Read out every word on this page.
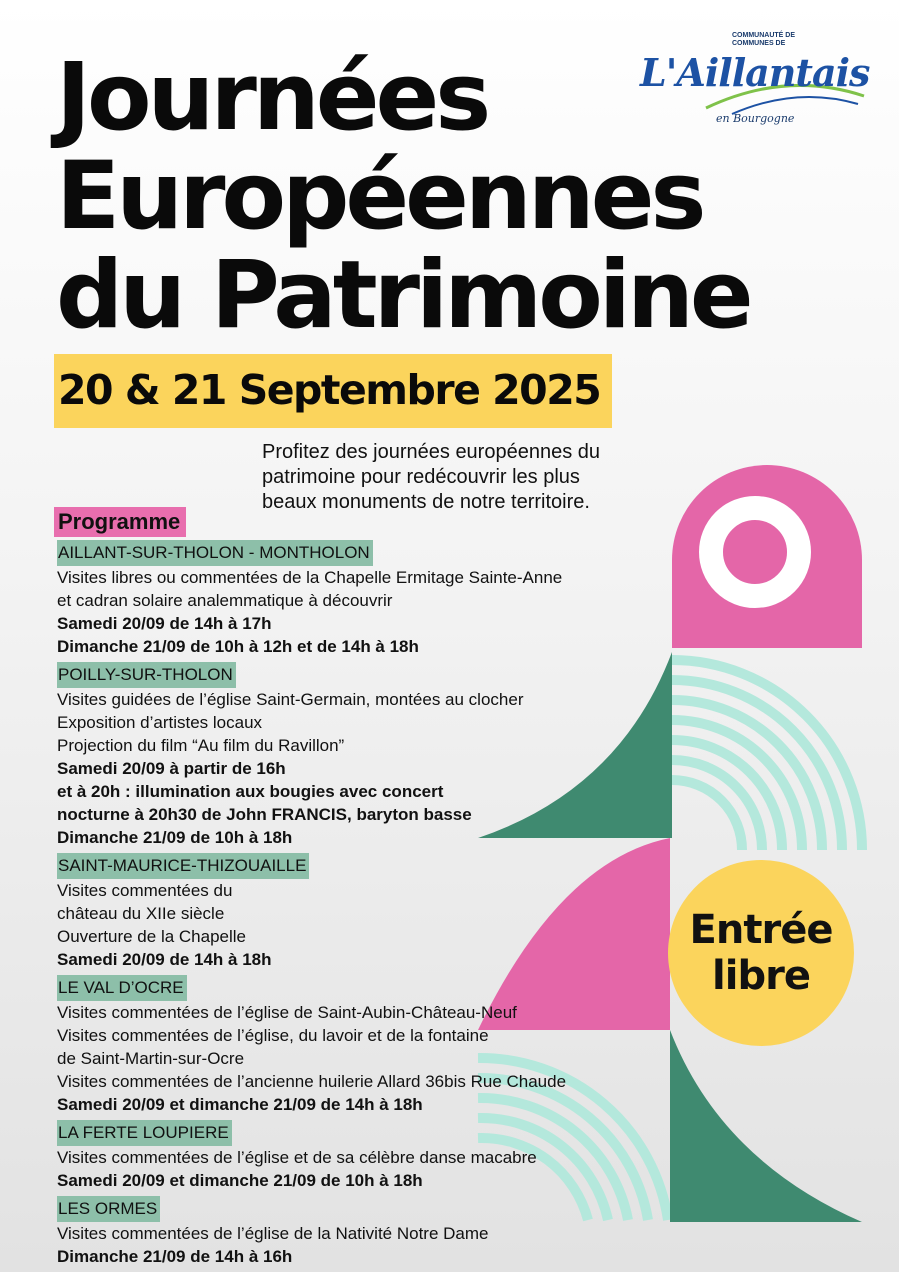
COMMUNAUTÉ DE
COMMUNES DE
L'Aillantais
en Bourgogne
Journées
Européennes
du Patrimoine
20 & 21 Septembre 2025
Profitez des journées européennes du
patrimoine pour redécouvrir les plus
beaux monuments de notre territoire.
Programme
AILLANT-SUR-THOLON - MONTHOLON
Visites libres ou commentées de la Chapelle Ermitage Sainte-Anne
et cadran solaire analemmatique à découvrir
Samedi 20/09 de 14h à 17h
Dimanche 21/09 de 10h à 12h et de 14h à 18h
POILLY-SUR-THOLON
Visites guidées de l’église Saint-Germain, montées au clocher
Exposition d’artistes locaux
Projection du film “Au film du Ravillon”
Samedi 20/09 à partir de 16h
et à 20h : illumination aux bougies avec concert
nocturne à 20h30 de John FRANCIS, baryton basse
Dimanche 21/09 de 10h à 18h
SAINT-MAURICE-THIZOUAILLE
Visites commentées du
château du XIIe siècle
Ouverture de la Chapelle
Samedi 20/09 de 14h à 18h
LE VAL D’OCRE
Visites commentées de l’église de Saint-Aubin-Château-Neuf
Visites commentées de l’église, du lavoir et de la fontaine
de Saint-Martin-sur-Ocre
Visites commentées de l’ancienne huilerie Allard 36bis Rue Chaude
Samedi 20/09 et dimanche 21/09 de 14h à 18h
LA FERTE LOUPIERE
Visites commentées de l’église et de sa célèbre danse macabre
Samedi 20/09 et dimanche 21/09 de 10h à 18h
LES ORMES
Visites commentées de l’église de la Nativité Notre Dame
Dimanche 21/09 de 14h à 16h
Entrée
libre
